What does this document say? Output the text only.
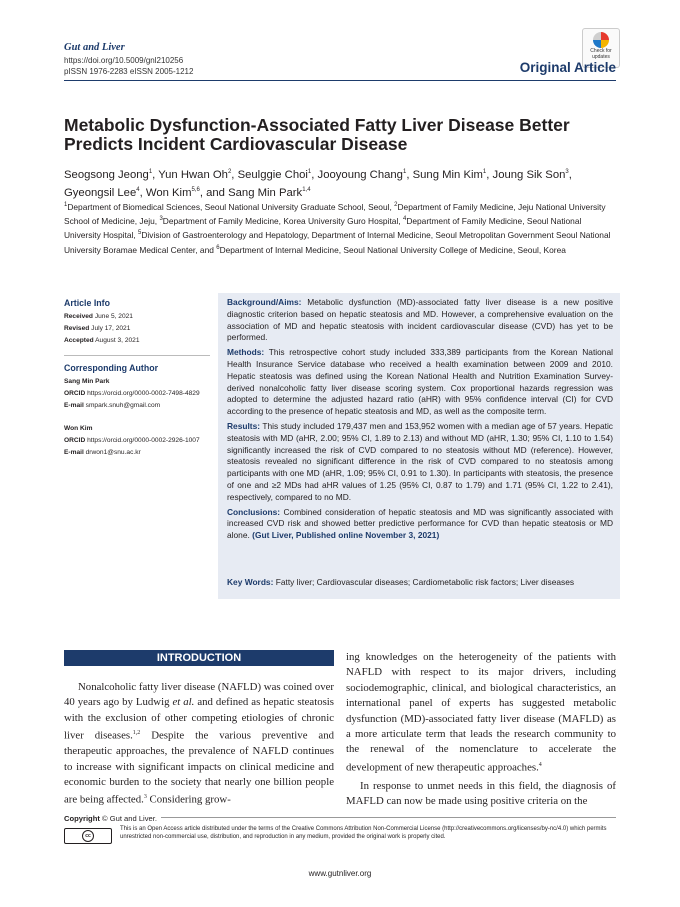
Gut and Liver
https://doi.org/10.5009/gnl210256
pISSN 1976-2283 eISSN 2005-1212
Check for updates
Original Article
Metabolic Dysfunction-Associated Fatty Liver Disease Better Predicts Incident Cardiovascular Disease
Seogsong Jeong$^1$, Yun Hwan Oh$^2$, Seulggie Choi$^1$, Jooyoung Chang$^1$, Sung Min Kim$^1$, Joung Sik Son$^3$, Gyeongsil Lee$^4$, Won Kim$^{5,6}$, and Sang Min Park$^{1,4}$
$^1$Department of Biomedical Sciences, Seoul National University Graduate School, Seoul, $^2$Department of Family Medicine, Jeju National University School of Medicine, Jeju, $^3$Department of Family Medicine, Korea University Guro Hospital, $^4$Department of Family Medicine, Seoul National University Hospital, $^5$Division of Gastroenterology and Hepatology, Department of Internal Medicine, Seoul Metropolitan Government Seoul National University Boramae Medical Center, and $^6$Department of Internal Medicine, Seoul National University College of Medicine, Seoul, Korea
Article Info
Received June 5, 2021
Revised July 17, 2021
Accepted August 3, 2021
Corresponding Author
Sang Min Park
ORCID https://orcid.org/0000-0002-7498-4829
E-mail smpark.snuh@gmail.com
Won Kim
ORCID https://orcid.org/0000-0002-2926-1007
E-mail drwon1@snu.ac.kr

Background/Aims: Metabolic dysfunction (MD)-associated fatty liver disease is a new positive diagnostic criterion based on hepatic steatosis and MD. However, a comprehensive evaluation on the association of MD and hepatic steatosis with incident cardiovascular disease (CVD) has yet to be performed.

Methods: This retrospective cohort study included 333,389 participants from the Korean National Health Insurance Service database who received a health examination between 2009 and 2010. Hepatic steatosis was defined using the Korean National Health and Nutrition Examination Survey-derived nonalcoholic fatty liver disease scoring system. Cox proportional hazards regression was adopted to determine the adjusted hazard ratio (aHR) with 95% confidence interval (CI) for CVD according to the presence of hepatic steatosis and MD, as well as the composite term.

Results: This study included 179,437 men and 153,952 women with a median age of 57 years. Hepatic steatosis with MD (aHR, 2.00; 95% CI, 1.89 to 2.13) and without MD (aHR, 1.30; 95% CI, 1.10 to 1.54) significantly increased the risk of CVD compared to no steatosis without MD (reference). However, steatosis revealed no significant difference in the risk of CVD compared to no steatosis among participants with one MD (aHR, 1.09; 95% CI, 0.91 to 1.30). In participants with steatosis, the presence of one and ≥2 MDs had aHR values of 1.25 (95% CI, 0.87 to 1.79) and 1.71 (95% CI, 1.22 to 2.41), respectively, compared to no MD.

Conclusions: Combined consideration of hepatic steatosis and MD was significantly associated with increased CVD risk and showed better predictive performance for CVD than hepatic steatosis or MD alone. (Gut Liver, Published online November 3, 2021)

Key Words: Fatty liver; Cardiovascular diseases; Cardiometabolic risk factors; Liver diseases
INTRODUCTION

Nonalcoholic fatty liver disease (NAFLD) was coined over 40 years ago by Ludwig et al. and defined as hepatic steatosis with the exclusion of other competing etiologies of chronic liver diseases.$^{1,2}$ Despite the various preventive and therapeutic approaches, the prevalence of NAFLD continues to increase with significant impacts on clinical medicine and economic burden to the society that nearly one billion people are being affected.$^3$ Considering grow-

ing knowledges on the heterogeneity of the patients with NAFLD with respect to its major drivers, including sociodemographic, clinical, and biological characteristics, an international panel of experts has suggested metabolic dysfunction (MD)-associated fatty liver disease (MAFLD) as a more articulate term that leads the research community to the renewal of the nomenclature to accelerate the development of new therapeutic approaches.$^4$

In response to unmet needs in this field, the diagnosis of MAFLD can now be made using positive criteria on the

Copyright © Gut and Liver.
cc
This is an Open Access article distributed under the terms of the Creative Commons Attribution Non-Commercial License (http://creativecommons.org/licenses/by-nc/4.0) which permits unrestricted non-commercial use, distribution, and reproduction in any medium, provided the original work is properly cited.
www.gutnliver.org
